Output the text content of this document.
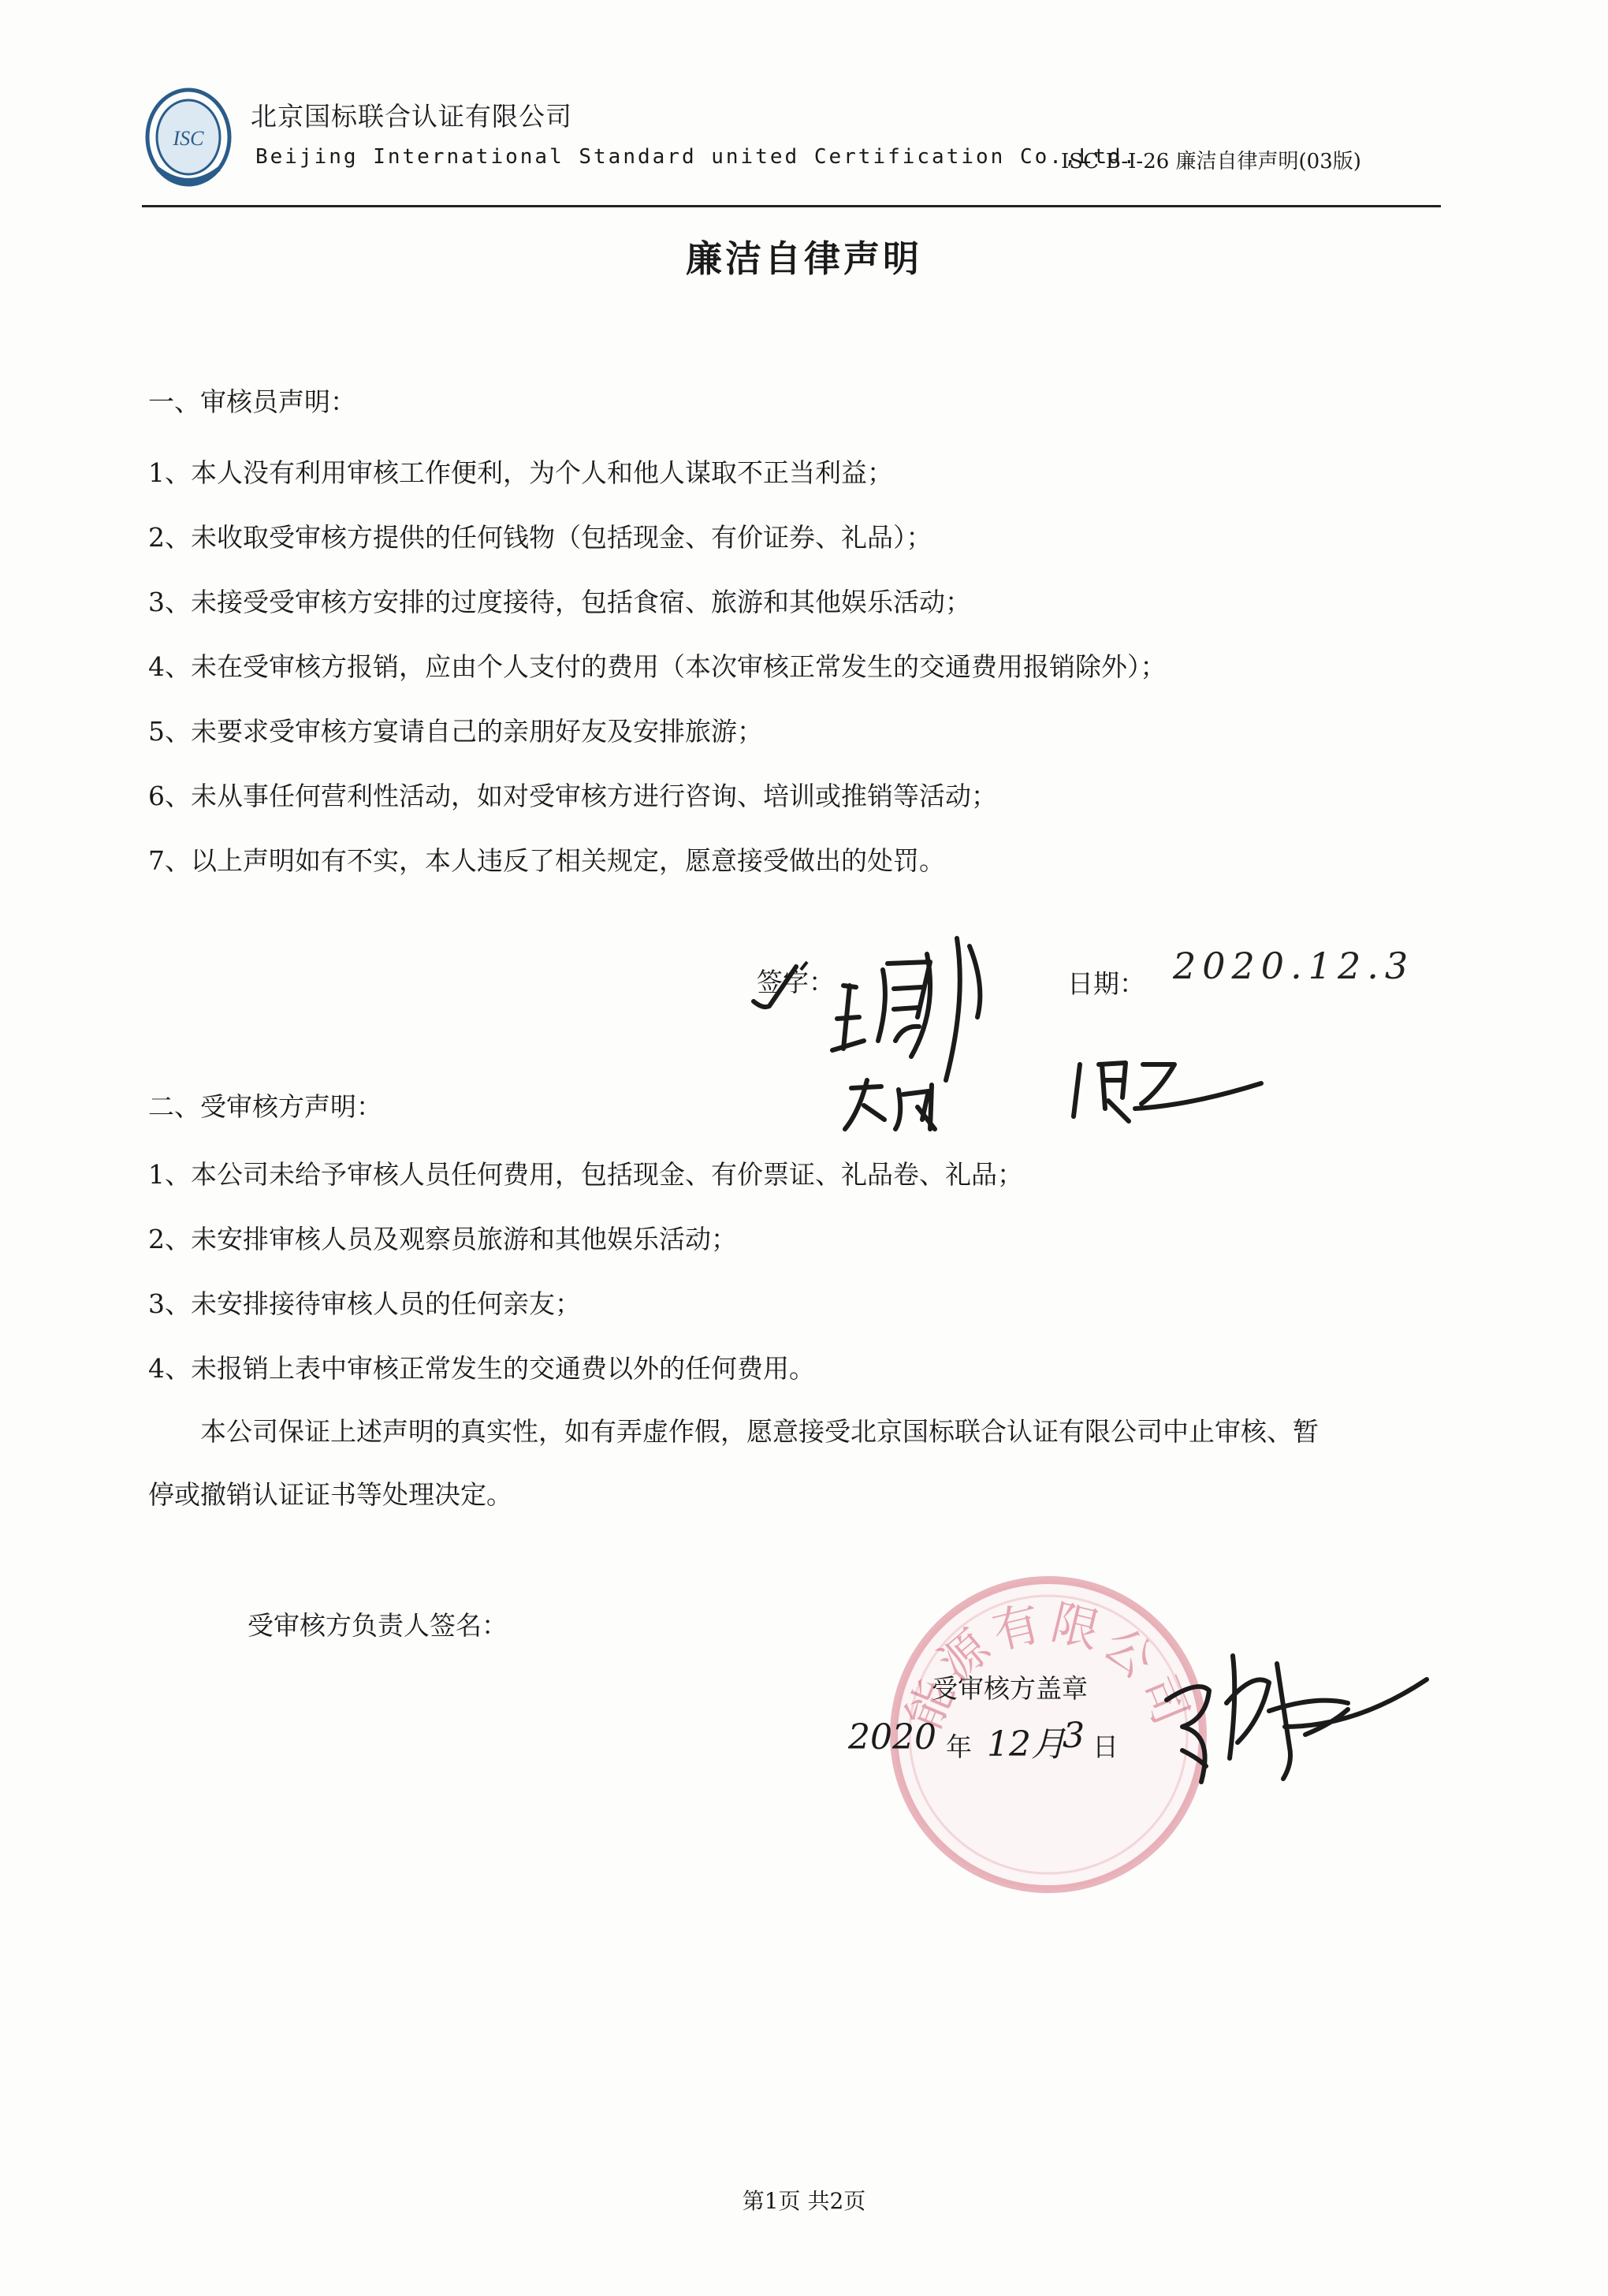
ISC
北京国标联合认证有限公司
Beijing International Standard united Certification Co.,Ltd.
ISC-B-I-26 廉洁自律声明(03版)
廉洁自律声明
一、审核员声明：
1、本人没有利用审核工作便利，为个人和他人谋取不正当利益；
2、未收取受审核方提供的任何钱物（包括现金、有价证券、礼品）；
3、未接受受审核方安排的过度接待，包括食宿、旅游和其他娱乐活动；
4、未在受审核方报销，应由个人支付的费用（本次审核正常发生的交通费用报销除外）；
5、未要求受审核方宴请自己的亲朋好友及安排旅游；
6、未从事任何营利性活动，如对受审核方进行咨询、培训或推销等活动；
7、以上声明如有不实，本人违反了相关规定，愿意接受做出的处罚。
签字：	日期： 2020.12.3
二、受审核方声明：
1、本公司未给予审核人员任何费用，包括现金、有价票证、礼品卷、礼品；
2、未安排审核人员及观察员旅游和其他娱乐活动；
3、未安排接待审核人员的任何亲友；
4、未报销上表中审核正常发生的交通费以外的任何费用。
本公司保证上述声明的真实性，如有弄虚作假，愿意接受北京国标联合认证有限公司中止审核、暂
停或撤销认证证书等处理决定。
受审核方负责人签名：
能源有限公司
受审核方盖章
2020 年 12月
3 日
第1页 共2页
